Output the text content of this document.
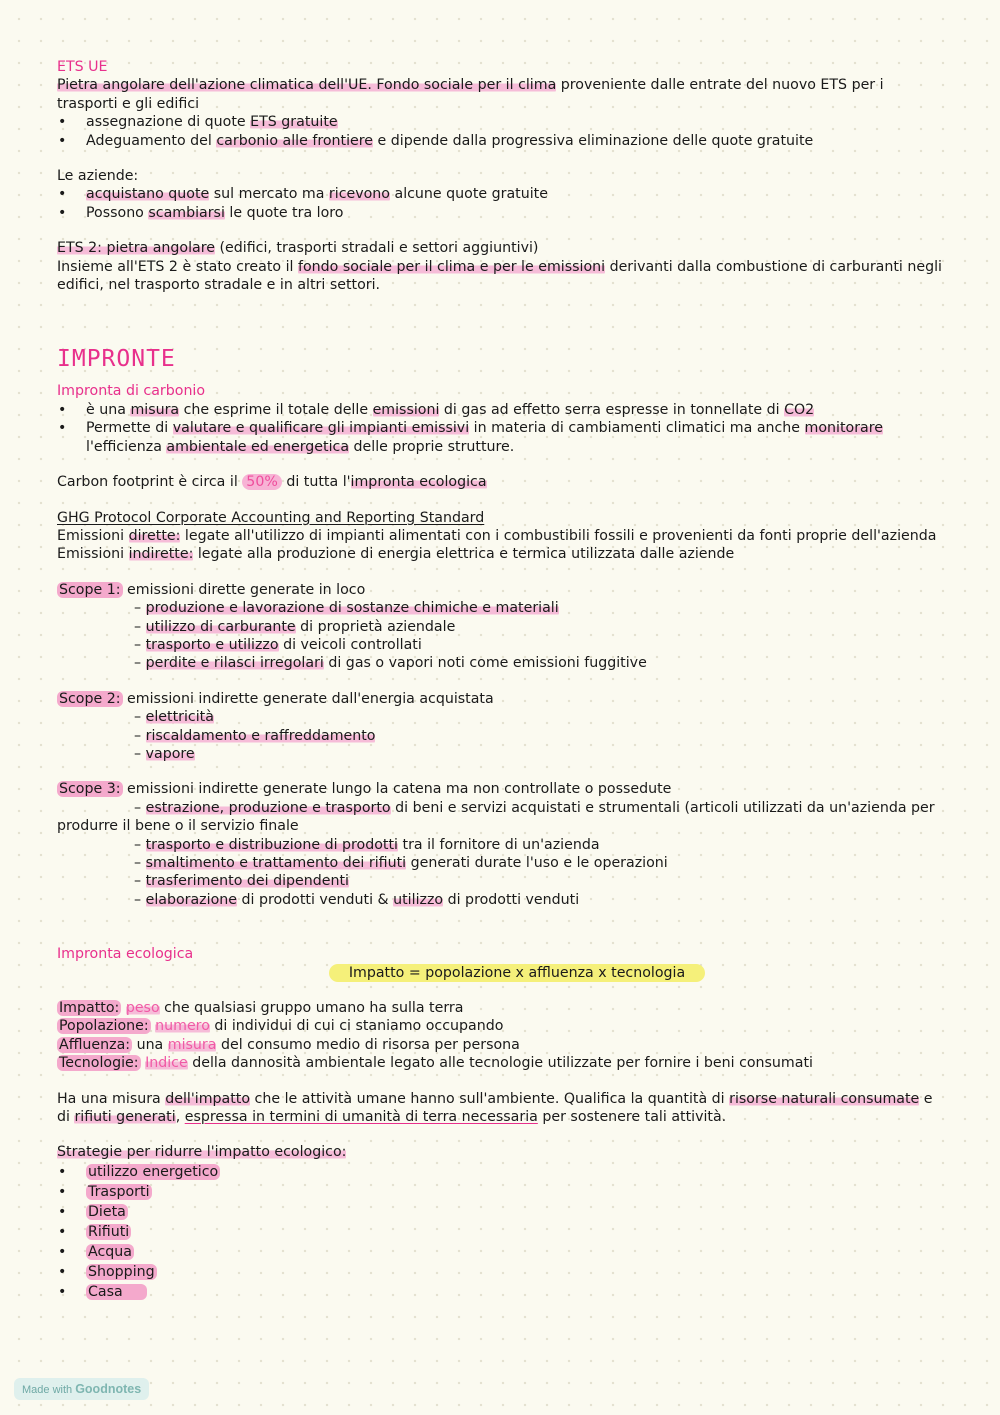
ETS UE
Pietra angolare dell'azione climatica dell'UE. Fondo sociale per il clima proveniente dalle entrate del nuovo ETS per i trasporti e gli edifici
• assegnazione di quote ETS gratuite
• Adeguamento del carbonio alle frontiere e dipende dalla progressiva eliminazione delle quote gratuite
Le aziende:
• acquistano quote sul mercato ma ricevono alcune quote gratuite
• Possono scambiarsi le quote tra loro
ETS 2: pietra angolare (edifici, trasporti stradali e settori aggiuntivi)
Insieme all'ETS 2 è stato creato il fondo sociale per il clima e per le emissioni derivanti dalla combustione di carburanti negli edifici, nel trasporto stradale e in altri settori.
IMPRONTE
Impronta di carbonio
• è una misura che esprime il totale delle emissioni di gas ad effetto serra espresse in tonnellate di CO2
• Permette di valutare e qualificare gli impianti emissivi in materia di cambiamenti climatici ma anche monitorare l'efficienza ambientale ed energetica delle proprie strutture.
Carbon footprint è circa il 50% di tutta l'impronta ecologica
GHG Protocol Corporate Accounting and Reporting Standard
Emissioni dirette: legate all'utilizzo di impianti alimentati con i combustibili fossili e provenienti da fonti proprie dell'azienda
Emissioni indirette: legate alla produzione di energia elettrica e termica utilizzata dalle aziende
Scope 1: emissioni dirette generate in loco
– produzione e lavorazione di sostanze chimiche e materiali
– utilizzo di carburante di proprietà aziendale
– trasporto e utilizzo di veicoli controllati
– perdite e rilasci irregolari di gas o vapori noti come emissioni fuggitive
Scope 2: emissioni indirette generate dall'energia acquistata
– elettricità
– riscaldamento e raffreddamento
– vapore
Scope 3: emissioni indirette generate lungo la catena ma non controllate o possedute
– estrazione, produzione e trasporto di beni e servizi acquistati e strumentali (articoli utilizzati da un'azienda per produrre il bene o il servizio finale
– trasporto e distribuzione di prodotti tra il fornitore di un'azienda
– smaltimento e trattamento dei rifiuti generati durate l'uso e le operazioni
– trasferimento dei dipendenti
– elaborazione di prodotti venduti & utilizzo di prodotti venduti
Impronta ecologica
Impatto = popolazione x affluenza x tecnologia
Impatto: peso che qualsiasi gruppo umano ha sulla terra
Popolazione: numero di individui di cui ci staniamo occupando
Affluenza: una misura del consumo medio di risorsa per persona
Tecnologie: Indice della dannosità ambientale legato alle tecnologie utilizzate per fornire i beni consumati
Ha una misura dell'impatto che le attività umane hanno sull'ambiente. Qualifica la quantità di risorse naturali consumate e di rifiuti generati, espressa in termini di umanità di terra necessaria per sostenere tali attività.
Strategie per ridurre l'impatto ecologico:
• utilizzo energetico
• Trasporti
• Dieta
• Rifiuti
• Acqua
• Shopping
• Casa
Made with Goodnotes
